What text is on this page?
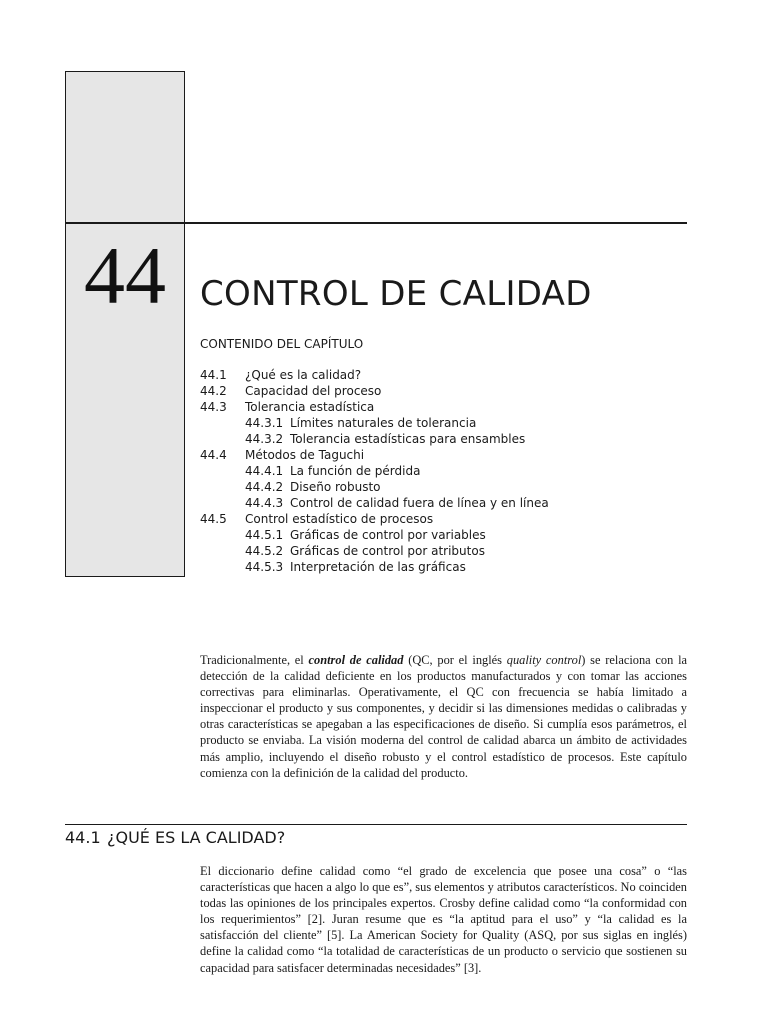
44	CONTROL DE CALIDAD
CONTENIDO DEL CAPÍTULO
44.1 ¿Qué es la calidad?
44.2 Capacidad del proceso
44.3 Tolerancia estadística
44.3.1 Límites naturales de tolerancia
44.3.2 Tolerancia estadísticas para ensambles
44.4 Métodos de Taguchi
44.4.1 La función de pérdida
44.4.2 Diseño robusto
44.4.3 Control de calidad fuera de línea y en línea
44.5 Control estadístico de procesos
44.5.1 Gráficas de control por variables
44.5.2 Gráficas de control por atributos
44.5.3 Interpretación de las gráficas

Tradicionalmente, el control de calidad (QC, por el inglés quality control) se relaciona con la detección de la calidad deficiente en los productos manufacturados y con tomar las acciones correctivas para eliminarlas. Operativamente, el QC con frecuencia se había limitado a inspeccionar el producto y sus componentes, y decidir si las dimensiones medidas o calibradas y otras características se apegaban a las especificaciones de diseño. Si cumplía esos parámetros, el producto se enviaba. La visión moderna del control de calidad abarca un ámbito de actividades más amplio, incluyendo el diseño robusto y el control estadístico de procesos. Este capítulo comienza con la definición de la calidad del producto.

44.1 ¿QUÉ ES LA CALIDAD?

El diccionario define calidad como “el grado de excelencia que posee una cosa” o “las características que hacen a algo lo que es”, sus elementos y atributos característicos. No coinciden todas las opiniones de los principales expertos. Crosby define calidad como “la conformidad con los requerimientos” [2]. Juran resume que es “la aptitud para el uso” y “la calidad es la satisfacción del cliente” [5]. La American Society for Quality (ASQ, por sus siglas en inglés) define la calidad como “la totalidad de características de un producto o servicio que sostienen su capacidad para satisfacer determinadas necesidades” [3].
